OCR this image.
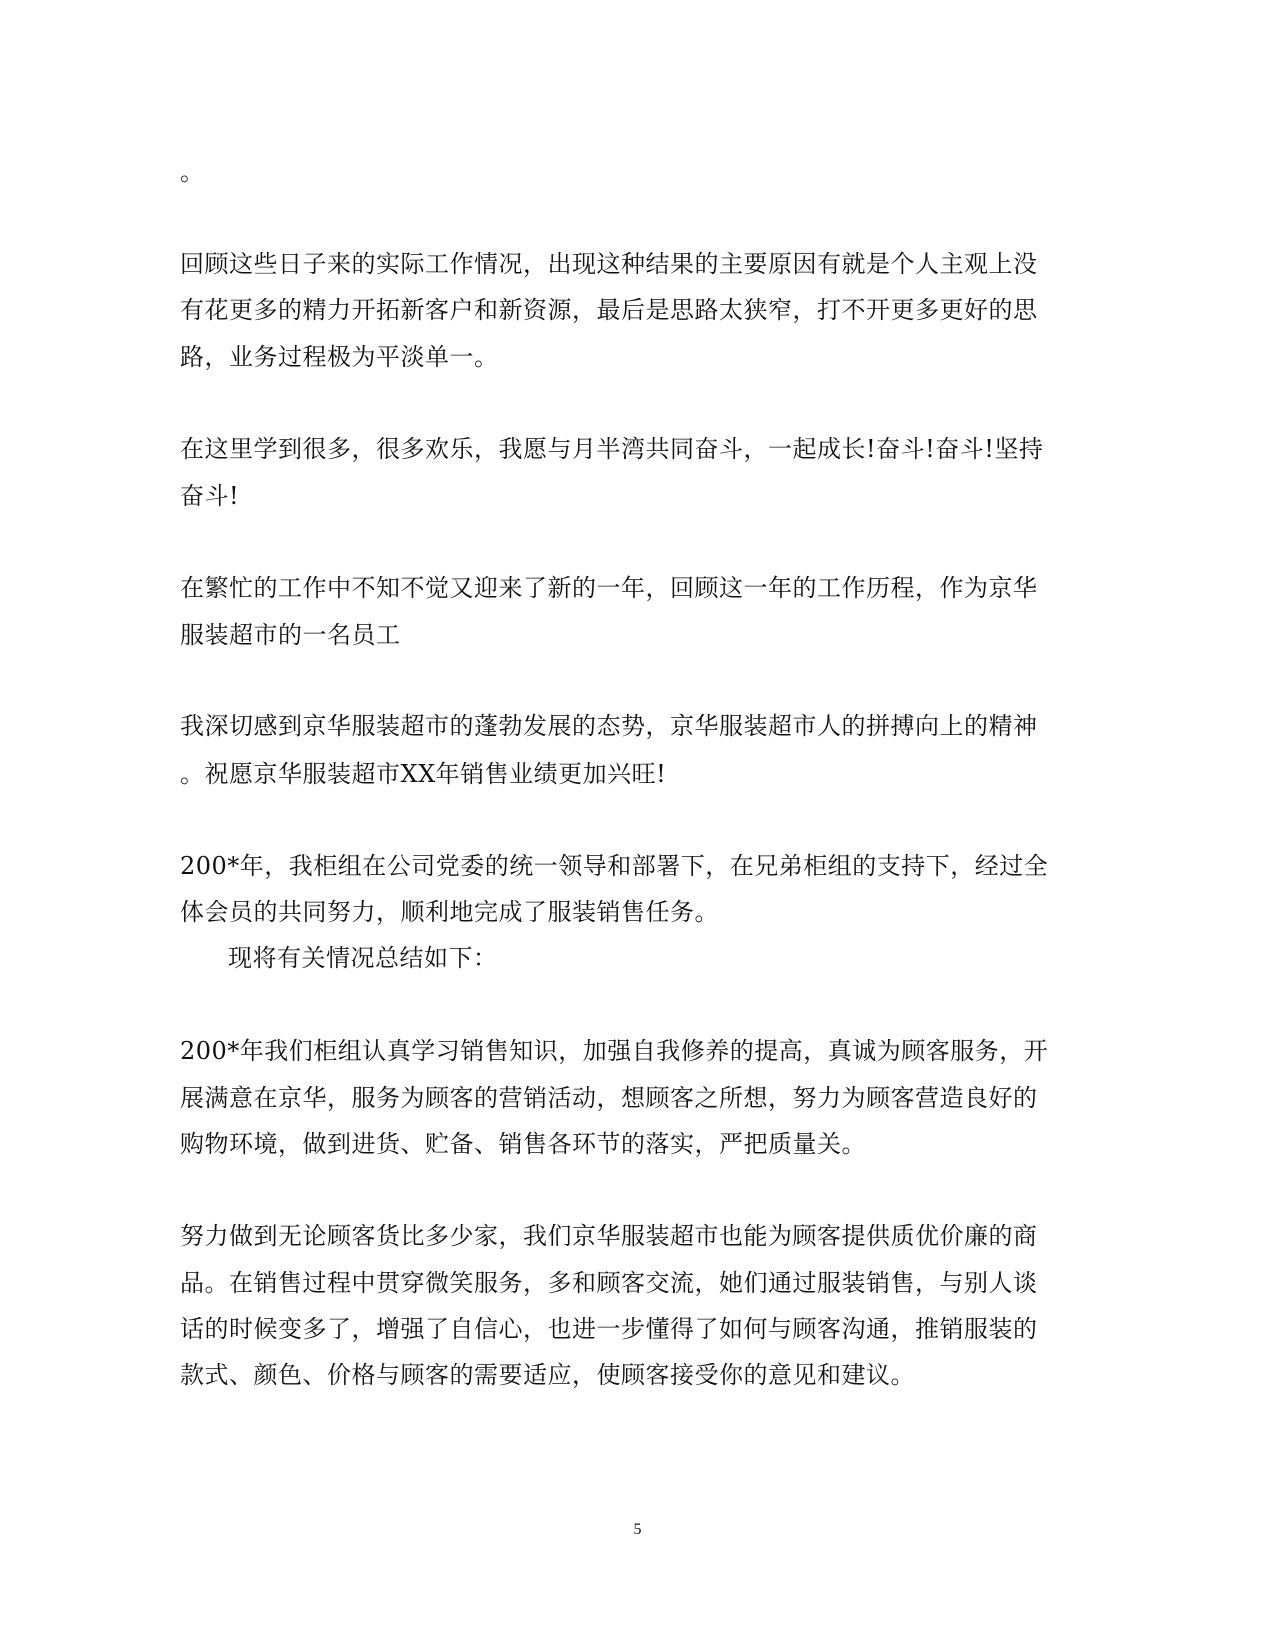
。

回顾这些日子来的实际工作情况，出现这种结果的主要原因有就是个人主观上没

有花更多的精力开拓新客户和新资源，最后是思路太狭窄，打不开更多更好的思

路，业务过程极为平淡单一。

在这里学到很多，很多欢乐，我愿与月半湾共同奋斗，一起成长!奋斗!奋斗!坚持

奋斗!

在繁忙的工作中不知不觉又迎来了新的一年，回顾这一年的工作历程，作为京华

服装超市的一名员工

我深切感到京华服装超市的蓬勃发展的态势，京华服装超市人的拼搏向上的精神

。祝愿京华服装超市XX年销售业绩更加兴旺!

200*年，我柜组在公司党委的统一领导和部署下，在兄弟柜组的支持下，经过全

体会员的共同努力，顺利地完成了服装销售任务。

现将有关情况总结如下：

200*年我们柜组认真学习销售知识，加强自我修养的提高，真诚为顾客服务，开

展满意在京华，服务为顾客的营销活动，想顾客之所想，努力为顾客营造良好的

购物环境，做到进货、贮备、销售各环节的落实，严把质量关。

努力做到无论顾客货比多少家，我们京华服装超市也能为顾客提供质优价廉的商

品。在销售过程中贯穿微笑服务，多和顾客交流，她们通过服装销售，与别人谈

话的时候变多了，增强了自信心，也进一步懂得了如何与顾客沟通，推销服装的

款式、颜色、价格与顾客的需要适应，使顾客接受你的意见和建议。

5
